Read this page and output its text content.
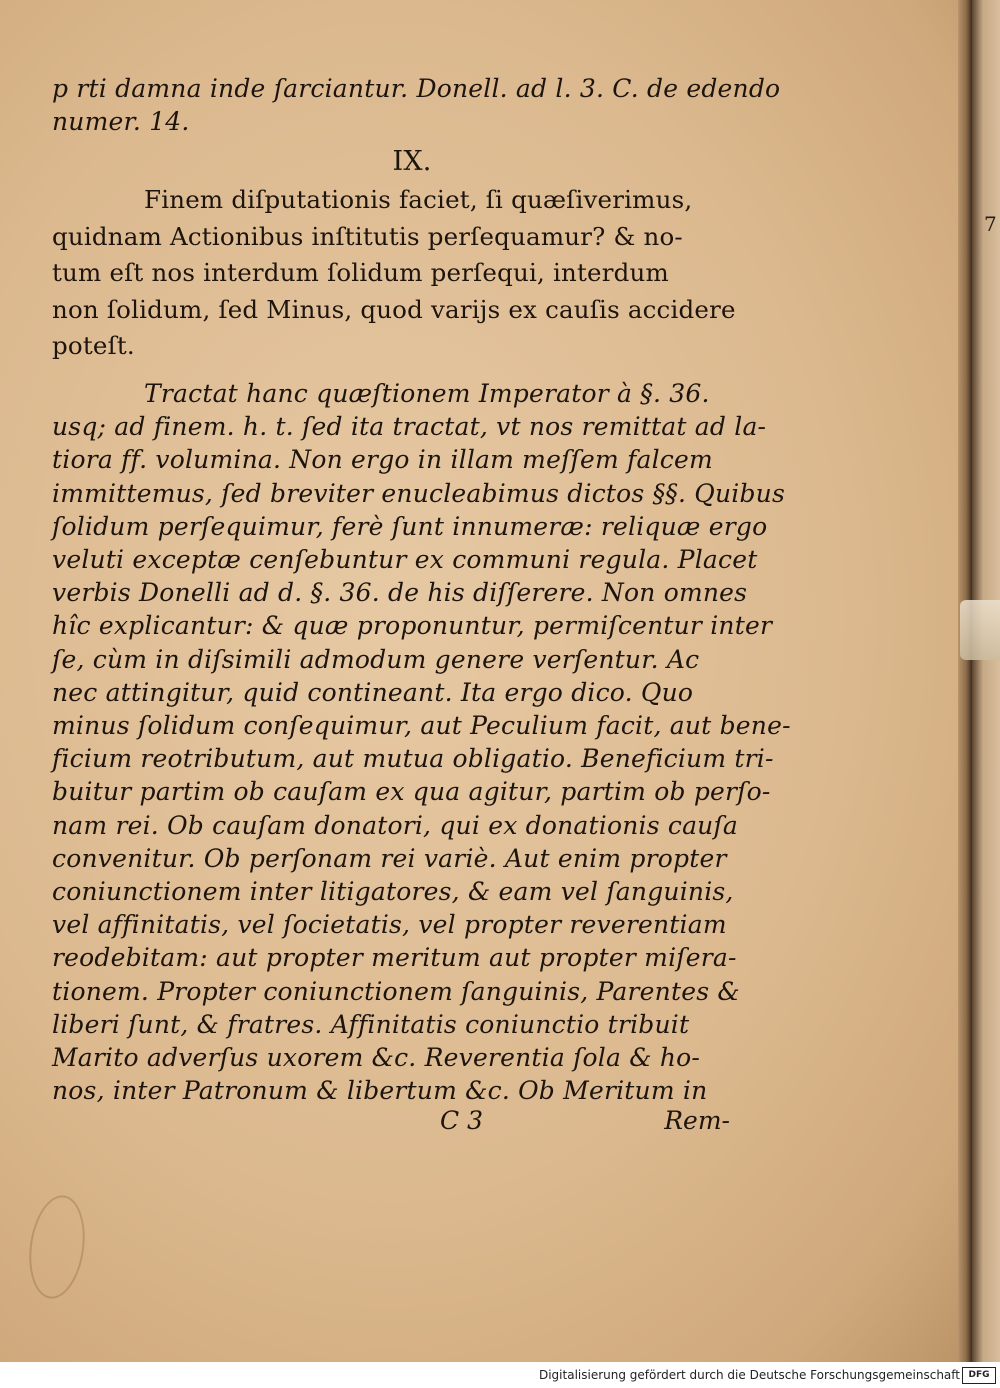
p rti damna inde ſarciantur. Donell. ad l. 3. C. de edendo
numer. 14.
IX.
Finem diſputationis faciet, ſi quæſiverimus,
quidnam Actionibus inſtitutis perſequamur? & no-
tum eſt nos interdum ſolidum perſequi, interdum
non ſolidum, ſed Minus, quod varijs ex cauſis accidere
poteſt.
Tractat hanc quæſtionem Imperator à §. 36.
usq; ad finem. h. t. ſed ita tractat, vt nos remittat ad la-
tiora ff. volumina. Non ergo in illam meſſem falcem
immittemus, ſed breviter enucleabimus dictos §§. Quibus
ſolidum perſequimur, ferè ſunt innumeræ: reliquæ ergo
veluti exceptæ cenſebuntur ex communi regula. Placet
verbis Donelli ad d. §. 36. de his diſſerere. Non omnes
hîc explicantur: & quæ proponuntur, permiſcentur inter
ſe, cùm in diſsimili admodum genere verſentur. Ac
nec attingitur, quid contineant. Ita ergo dico. Quo
minus ſolidum conſequimur, aut Peculium facit, aut bene-
ficium reotributum, aut mutua obligatio. Beneficium tri-
buitur partim ob cauſam ex qua agitur, partim ob perſo-
nam rei. Ob cauſam donatori, qui ex donationis cauſa
convenitur. Ob perſonam rei variè. Aut enim propter
coniunctionem inter litigatores, & eam vel ſanguinis,
vel affinitatis, vel ſocietatis, vel propter reverentiam
reodebitam: aut propter meritum aut propter miſera-
tionem. Propter coniunctionem ſanguinis, Parentes &
liberi ſunt, & fratres. Affinitatis coniunctio tribuit
Marito adverſus uxorem &c. Reverentia ſola & ho-
nos, inter Patronum & libertum &c. Ob Meritum in
C 3	Rem-
7
Digitalisierung gefördert durch die Deutsche Forschungsgemeinschaft DFG
